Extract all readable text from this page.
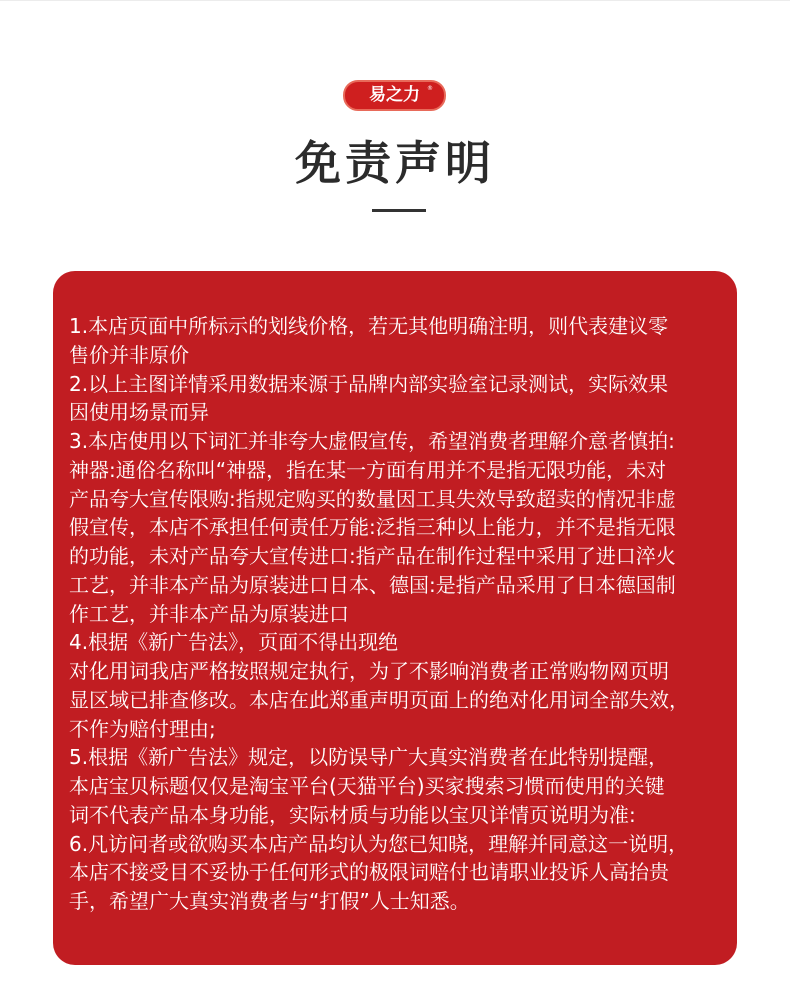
易之力 ®
免责声明
1.本店页面中所标示的划线价格，若无其他明确注明，则代表建议零
售价并非原价
2.以上主图详情采用数据来源于品牌内部实验室记录测试，实际效果
因使用场景而异
3.本店使用以下词汇并非夸大虚假宣传，希望消费者理解介意者慎拍:
神器:通俗名称叫“神器，指在某一方面有用并不是指无限功能，未对
产品夸大宣传限购:指规定购买的数量因工具失效导致超卖的情况非虚
假宣传，本店不承担任何责任万能:泛指三种以上能力，并不是指无限
的功能，未对产品夸大宣传进口:指产品在制作过程中采用了进口淬火
工艺，并非本产品为原装进口日本、德国:是指产品采用了日本德国制
作工艺，并非本产品为原装进口
4.根据《新广告法》，页面不得出现绝
对化用词我店严格按照规定执行，为了不影响消费者正常购物网页明
显区域已排查修改。本店在此郑重声明页面上的绝对化用词全部失效，
不作为赔付理由;
5.根据《新广告法》规定，以防误导广大真实消费者在此特别提醒，
本店宝贝标题仅仅是淘宝平台(天猫平台)买家搜索习惯而使用的关键
词不代表产品本身功能，实际材质与功能以宝贝详情页说明为准:
6.凡访问者或欲购买本店产品均认为您已知晓，理解并同意这一说明，
本店不接受目不妥协于任何形式的极限词赔付也请职业投诉人高抬贵
手，希望广大真实消费者与“打假”人士知悉。
